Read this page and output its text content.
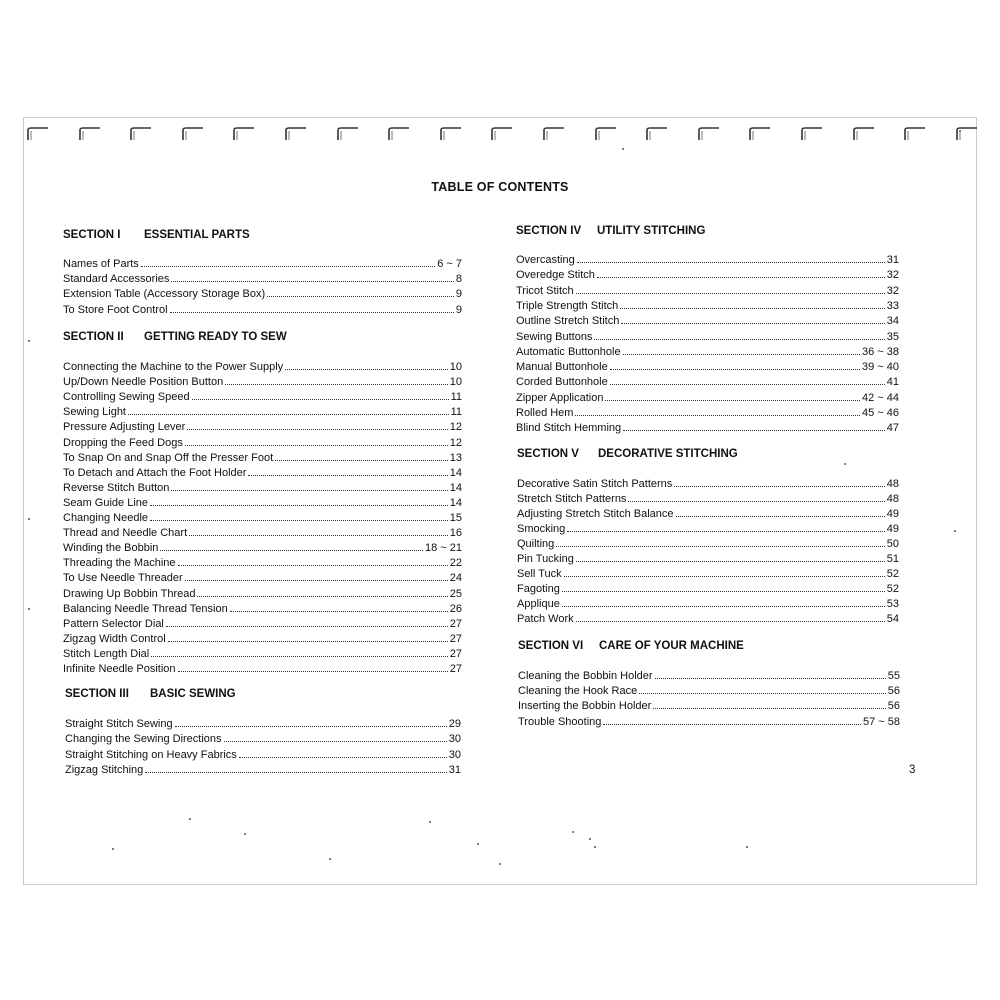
TABLE OF CONTENTS
SECTION I ESSENTIAL PARTS
Names of Parts	6 ~ 7
Standard Accessories	8
Extension Table (Accessory Storage Box)	9
To Store Foot Control	9
SECTION II GETTING READY TO SEW
Connecting the Machine to the Power Supply	10
Up/Down Needle Position Button	10
Controlling Sewing Speed	11
Sewing Light	11
Pressure Adjusting Lever	12
Dropping the Feed Dogs	12
To Snap On and Snap Off the Presser Foot	13
To Detach and Attach the Foot Holder	14
Reverse Stitch Button	14
Seam Guide Line	14
Changing Needle	15
Thread and Needle Chart	16
Winding the Bobbin	18 ~ 21
Threading the Machine	22
To Use Needle Threader	24
Drawing Up Bobbin Thread	25
Balancing Needle Thread Tension	26
Pattern Selector Dial	27
Zigzag Width Control	27
Stitch Length Dial	27
Infinite Needle Position	27
SECTION III BASIC SEWING
Straight Stitch Sewing	29
Changing the Sewing Directions	30
Straight Stitching on Heavy Fabrics	30
Zigzag Stitching	31
SECTION IV UTILITY STITCHING
Overcasting	31
Overedge Stitch	32
Tricot Stitch	32
Triple Strength Stitch	33
Outline Stretch Stitch	34
Sewing Buttons	35
Automatic Buttonhole	36 ~ 38
Manual Buttonhole	39 ~ 40
Corded Buttonhole	41
Zipper Application	42 ~ 44
Rolled Hem	45 ~ 46
Blind Stitch Hemming	47
SECTION V DECORATIVE STITCHING
Decorative Satin Stitch Patterns	48
Stretch Stitch Patterns	48
Adjusting Stretch Stitch Balance	49
Smocking	49
Quilting	50
Pin Tucking	51
Sell Tuck	52
Fagoting	52
Applique	53
Patch Work	54
SECTION VI CARE OF YOUR MACHINE
Cleaning the Bobbin Holder	55
Cleaning the Hook Race	56
Inserting the Bobbin Holder	56
Trouble Shooting	57 ~ 58
3
